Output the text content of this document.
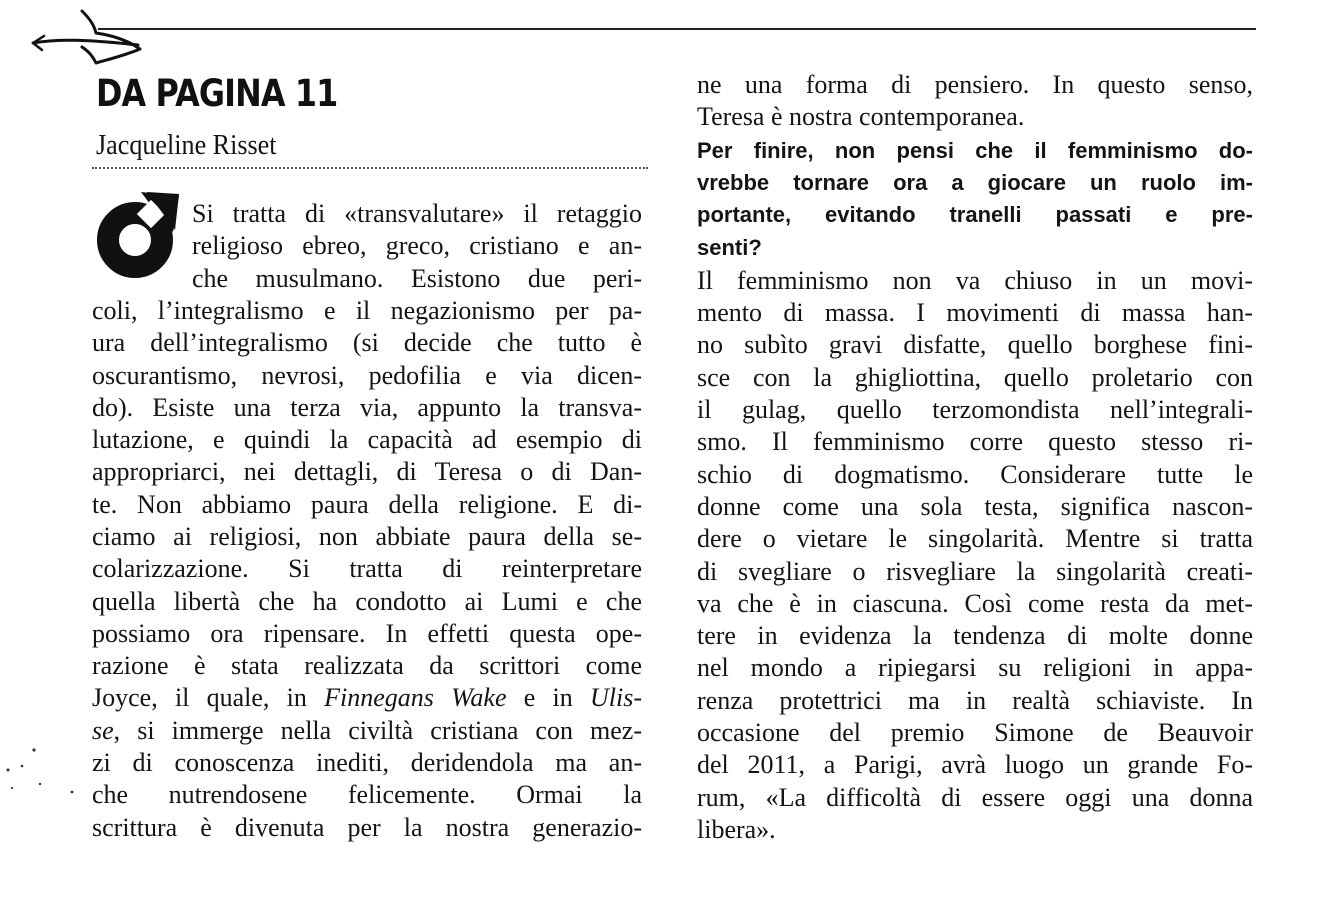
DA PAGINA 11
Jacqueline Risset
Si tratta di «transvalutare» il retaggio
religioso ebreo, greco, cristiano e an-
che musulmano. Esistono due peri-
coli, l’integralismo e il negazionismo per pa-
ura dell’integralismo (si decide che tutto è
oscurantismo, nevrosi, pedofilia e via dicen-
do). Esiste una terza via, appunto la transva-
lutazione, e quindi la capacità ad esempio di
appropriarci, nei dettagli, di Teresa o di Dan-
te. Non abbiamo paura della religione. E di-
ciamo ai religiosi, non abbiate paura della se-
colarizzazione. Si tratta di reinterpretare
quella libertà che ha condotto ai Lumi e che
possiamo ora ripensare. In effetti questa ope-
razione è stata realizzata da scrittori come
Joyce, il quale, in Finnegans Wake e in Ulis-
se, si immerge nella civiltà cristiana con mez-
zi di conoscenza inediti, deridendola ma an-
che nutrendosene felicemente. Ormai la
scrittura è divenuta per la nostra generazio-
ne una forma di pensiero. In questo senso,
Teresa è nostra contemporanea.
Per finire, non pensi che il femminismo do-
vrebbe tornare ora a giocare un ruolo im-
portante, evitando tranelli passati e pre-
senti?
Il femminismo non va chiuso in un movi-
mento di massa. I movimenti di massa han-
no subìto gravi disfatte, quello borghese fini-
sce con la ghigliottina, quello proletario con
il gulag, quello terzomondista nell’integrali-
smo. Il femminismo corre questo stesso ri-
schio di dogmatismo. Considerare tutte le
donne come una sola testa, significa nascon-
dere o vietare le singolarità. Mentre si tratta
di svegliare o risvegliare la singolarità creati-
va che è in ciascuna. Così come resta da met-
tere in evidenza la tendenza di molte donne
nel mondo a ripiegarsi su religioni in appa-
renza protettrici ma in realtà schiaviste. In
occasione del premio Simone de Beauvoir
del 2011, a Parigi, avrà luogo un grande Fo-
rum, «La difficoltà di essere oggi una donna
libera».
